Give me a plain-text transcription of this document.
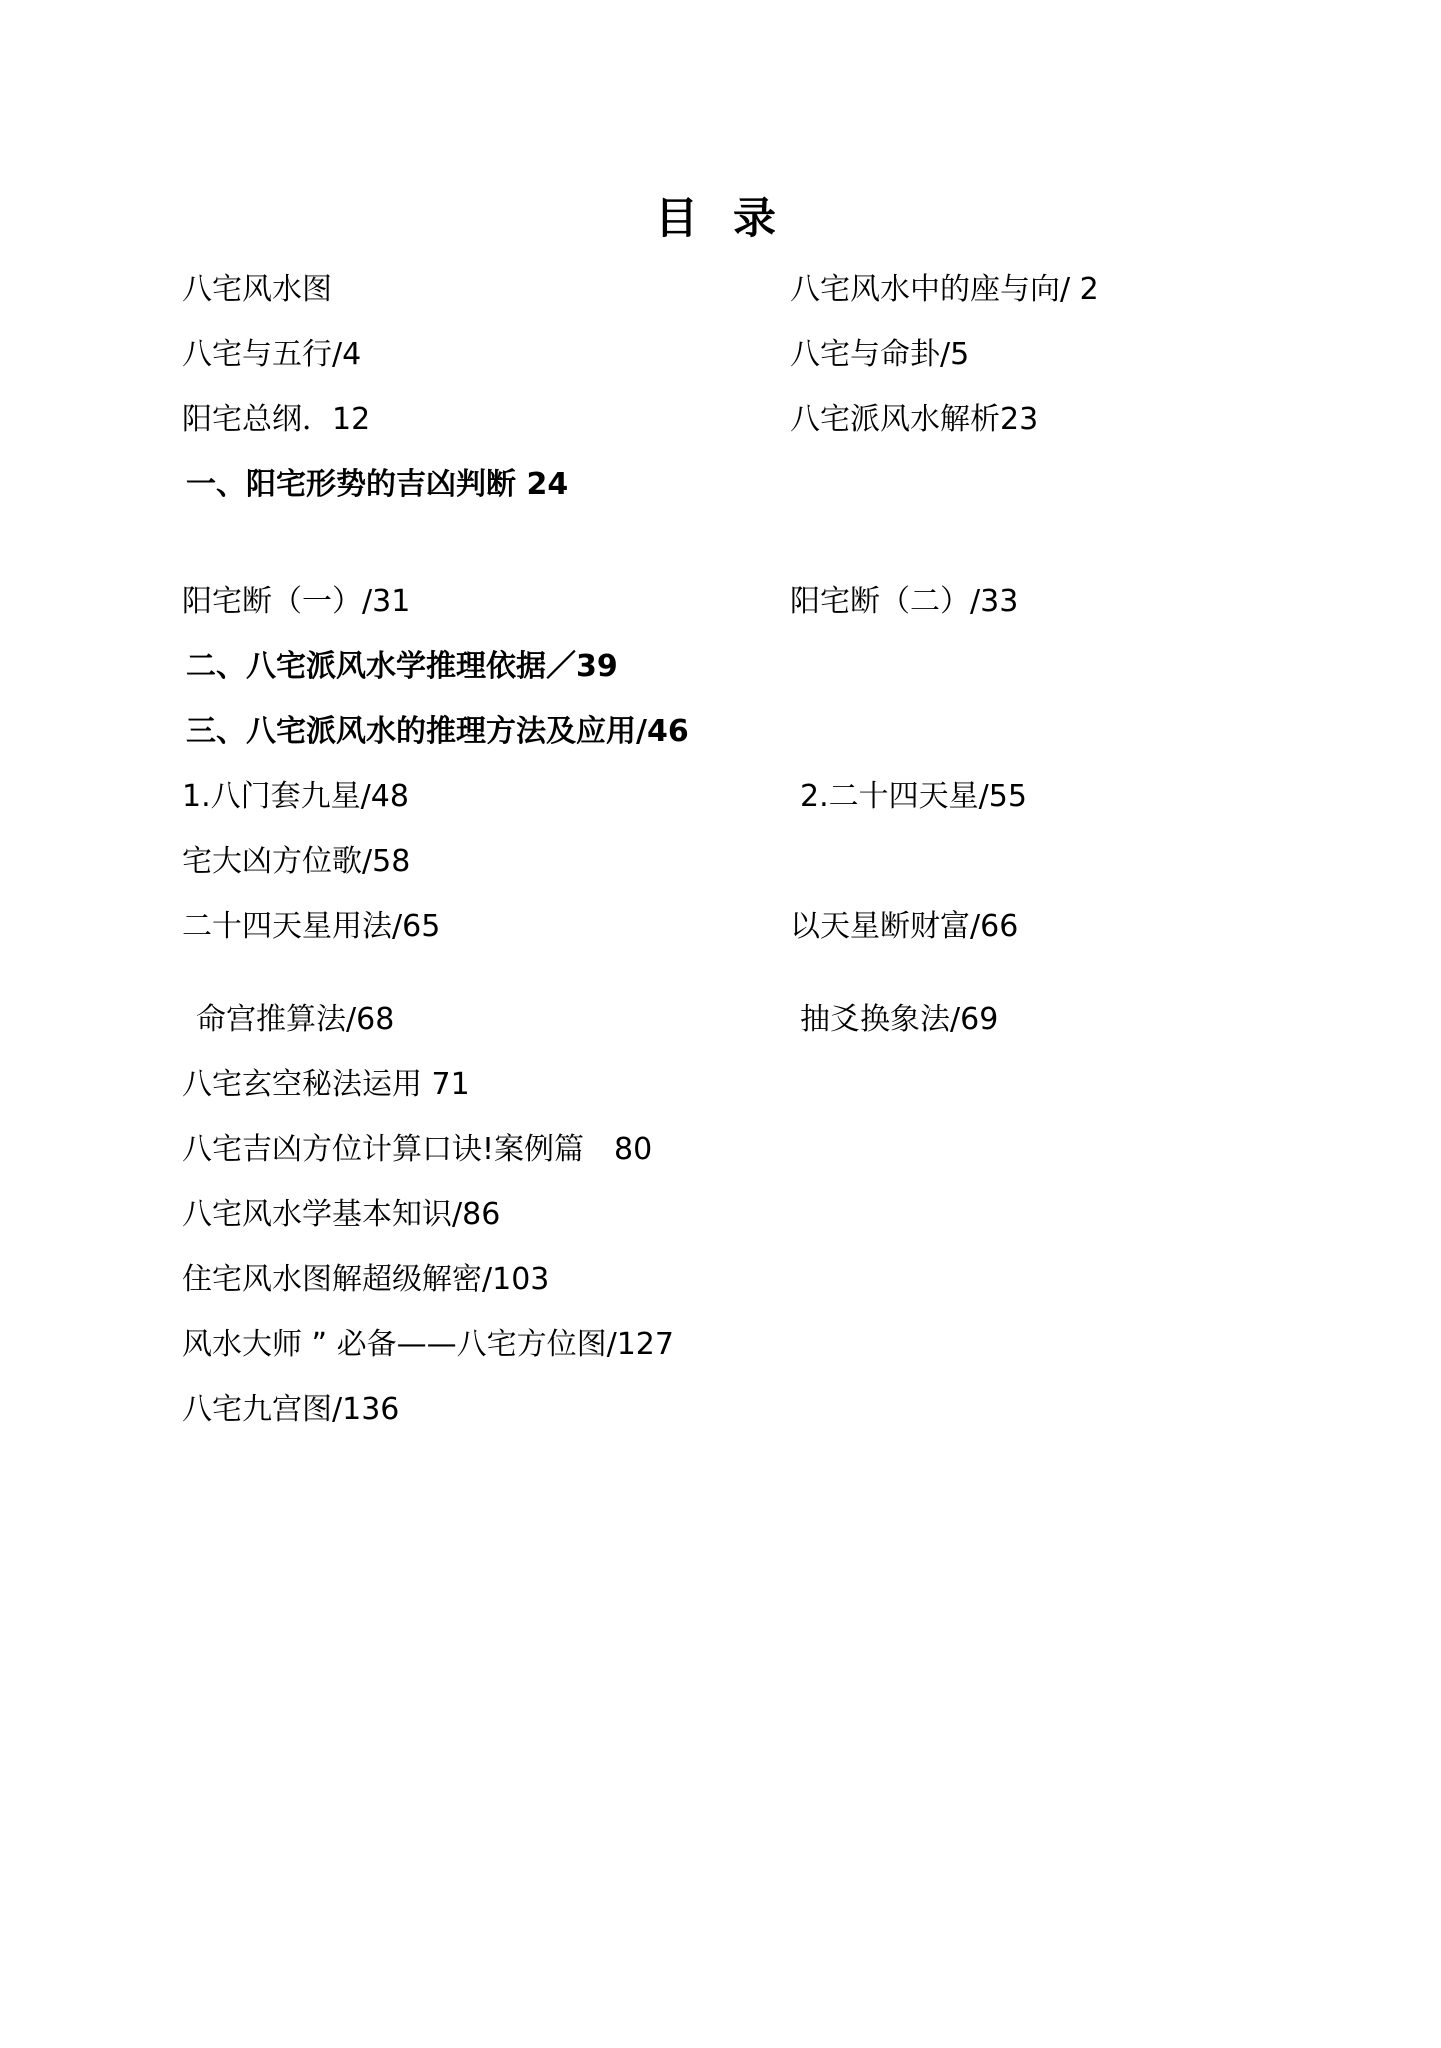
目 录
八宅风水图	八宅风水中的座与向/ 2
八宅与五行/4	八宅与命卦/5
阳宅总纲．12	八宅派风水解析23
一、阳宅形势的吉凶判断 24
阳宅断（一）/31	阳宅断（二）/33
二、八宅派风水学推理依据／39
三、八宅派风水的推理方法及应用/46
1.八门套九星/48	2.二十四天星/55
宅大凶方位歌/58
二十四天星用法/65	以天星断财富/66
命宫推算法/68	抽爻换象法/69
八宅玄空秘法运用 71
八宅吉凶方位计算口诀!案例篇　80
八宅风水学基本知识/86
住宅风水图解超级解密/103
风水大师 ” 必备——八宅方位图/127
八宅九宫图/136
